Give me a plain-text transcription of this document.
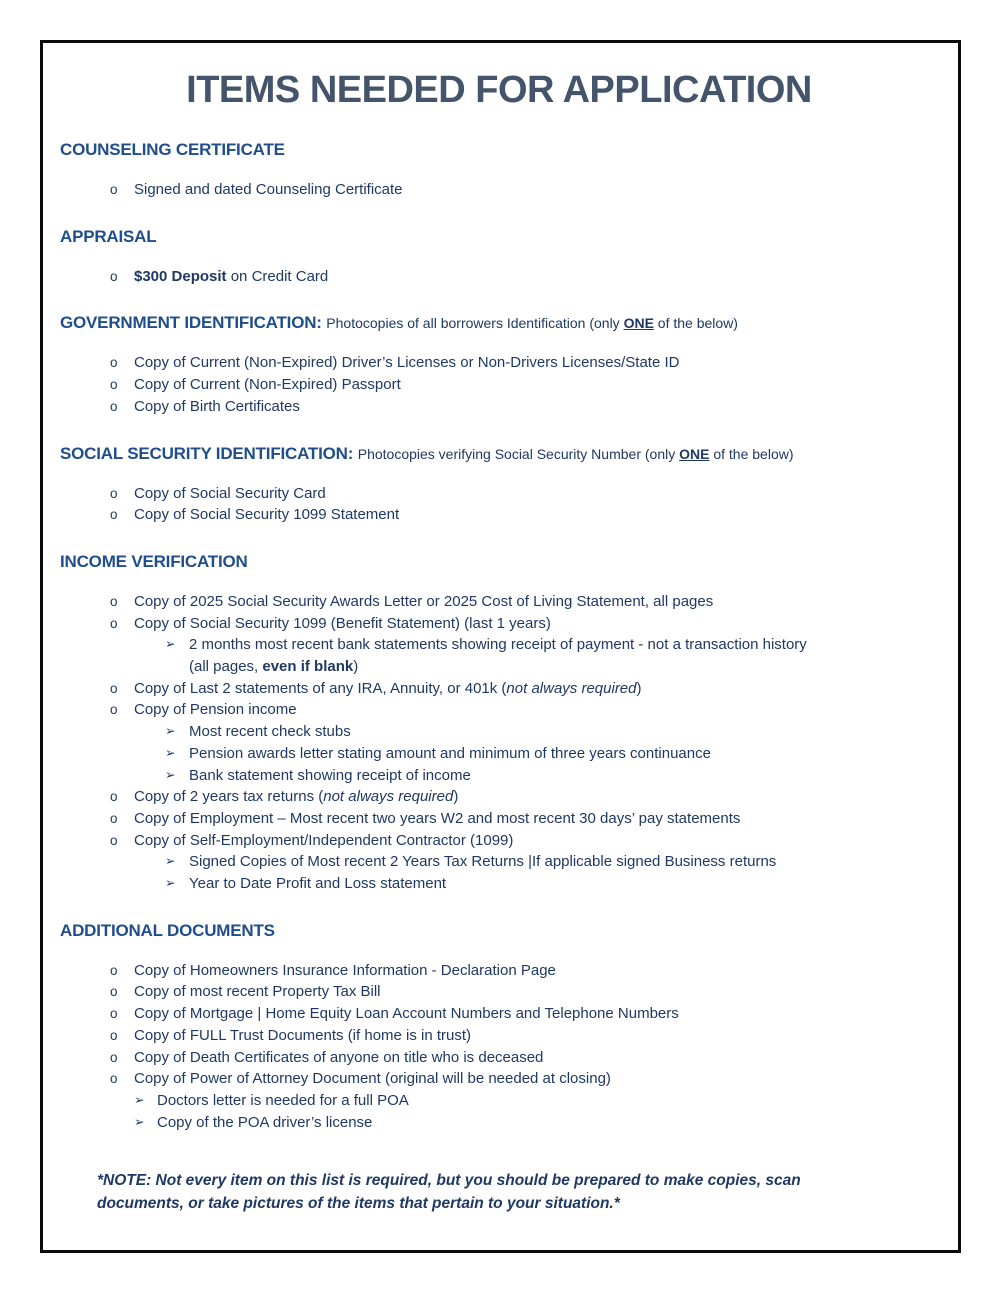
ITEMS NEEDED FOR APPLICATION
COUNSELING CERTIFICATE
o	Signed and dated Counseling Certificate
APPRAISAL
o	$300 Deposit on Credit Card
GOVERNMENT IDENTIFICATION: Photocopies of all borrowers Identification (only ONE of the below)
o	Copy of Current (Non-Expired) Driver’s Licenses or Non-Drivers Licenses/State ID
o	Copy of Current (Non-Expired) Passport
o	Copy of Birth Certificates
SOCIAL SECURITY IDENTIFICATION: Photocopies verifying Social Security Number (only ONE of the below)
o	Copy of Social Security Card
o	Copy of Social Security 1099 Statement
INCOME VERIFICATION
o	Copy of 2025 Social Security Awards Letter or 2025 Cost of Living Statement, all pages
o	Copy of Social Security 1099 (Benefit Statement) (last 1 years)
➢ 2 months most recent bank statements showing receipt of payment - not a transaction history (all pages, even if blank)
o	Copy of Last 2 statements of any IRA, Annuity, or 401k (not always required)
o	Copy of Pension income
➢ Most recent check stubs
➢ Pension awards letter stating amount and minimum of three years continuance
➢ Bank statement showing receipt of income
o	Copy of 2 years tax returns (not always required)
o	Copy of Employment – Most recent two years W2 and most recent 30 days’ pay statements
o	Copy of Self-Employment/Independent Contractor (1099)
➢ Signed Copies of Most recent 2 Years Tax Returns |If applicable signed Business returns
➢ Year to Date Profit and Loss statement
ADDITIONAL DOCUMENTS
o	Copy of Homeowners Insurance Information - Declaration Page
o	Copy of most recent Property Tax Bill
o	Copy of Mortgage | Home Equity Loan Account Numbers and Telephone Numbers
o	Copy of FULL Trust Documents (if home is in trust)
o	Copy of Death Certificates of anyone on title who is deceased
o	Copy of Power of Attorney Document (original will be needed at closing)
➢ Doctors letter is needed for a full POA
➢ Copy of the POA driver’s license

*NOTE: Not every item on this list is required, but you should be prepared to make copies, scan documents, or take pictures of the items that pertain to your situation.*
